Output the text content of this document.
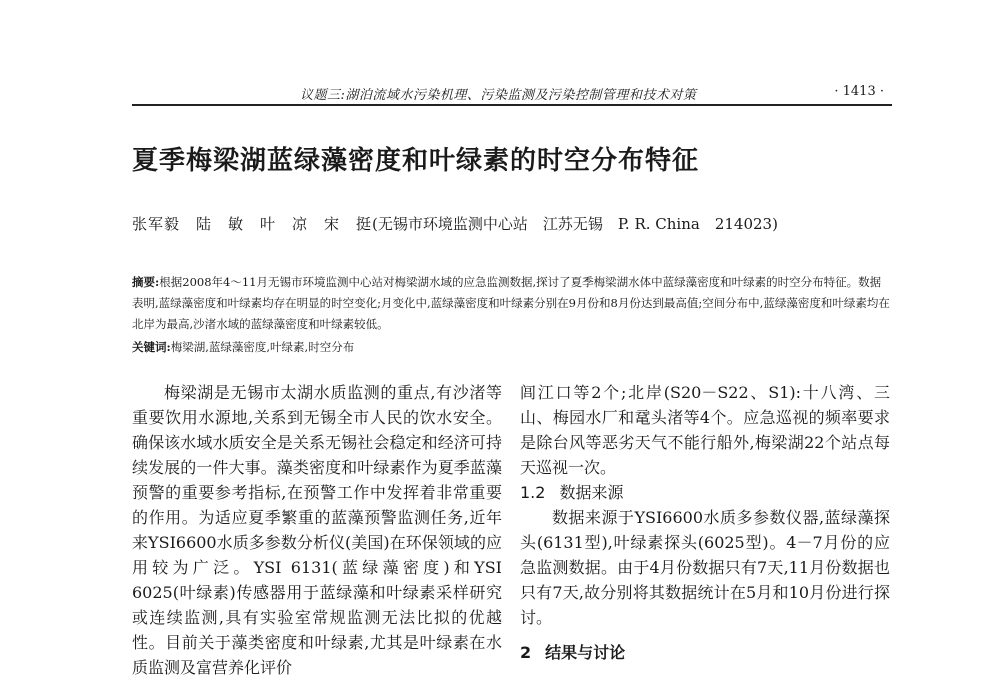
议题三:湖泊流域水污染机理、污染监测及污染控制管理和技术对策	· 1413 ·
夏季梅梁湖蓝绿藻密度和叶绿素的时空分布特征
张军毅　陆　敏　叶　凉　宋　挺(无锡市环境监测中心站　江苏无锡　P. R. China　214023)

摘要:根据2008年4～11月无锡市环境监测中心站对梅梁湖水域的应急监测数据,探讨了夏季梅梁湖水体中蓝绿藻密度和叶绿素的时空分布特征。数据表明,蓝绿藻密度和叶绿素均存在明显的时空变化;月变化中,蓝绿藻密度和叶绿素分别在9月份和8月份达到最高值;空间分布中,蓝绿藻密度和叶绿素均在北岸为最高,沙渚水域的蓝绿藻密度和叶绿素较低。

关键词:梅梁湖,蓝绿藻密度,叶绿素,时空分布

梅梁湖是无锡市太湖水质监测的重点,有沙渚等重要饮用水源地,关系到无锡全市人民的饮水安全。确保该水域水质安全是关系无锡社会稳定和经济可持续发展的一件大事。藻类密度和叶绿素作为夏季蓝藻预警的重要参考指标,在预警工作中发挥着非常重要的作用。为适应夏季繁重的蓝藻预警监测任务,近年来YSI6600水质多参数分析仪(美国)在环保领域的应用较为广泛。YSI 6131(蓝绿藻密度)和YSI 6025(叶绿素)传感器用于蓝绿藻和叶绿素采样研究或连续监测,具有实验室常规监测无法比拟的优越性。目前关于藻类密度和叶绿素,尤其是叶绿素在水质监测及富营养化评价

闾江口等2个;北岸(S20－S22、S1):十八湾、三山、梅园水厂和鼋头渚等4个。应急巡视的频率要求是除台风等恶劣天气不能行船外,梅梁湖22个站点每天巡视一次。

1.2 数据来源

数据来源于YSI6600水质多参数仪器,蓝绿藻探头(6131型),叶绿素探头(6025型)。4－7月份的应急监测数据。由于4月份数据只有7天,11月份数据也只有7天,故分别将其数据统计在5月和10月份进行探讨。

2 结果与讨论
